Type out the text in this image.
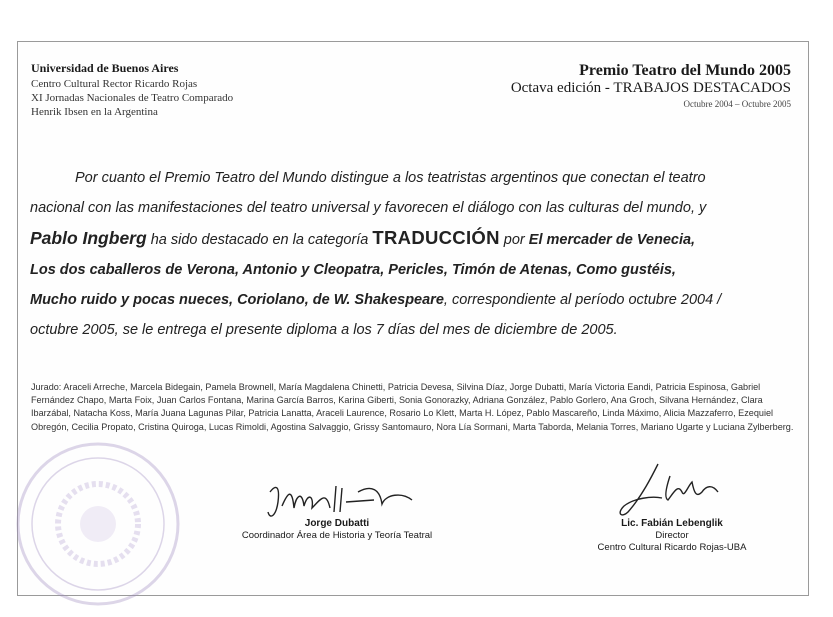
Universidad de Buenos Aires
Centro Cultural Rector Ricardo Rojas
XI Jornadas Nacionales de Teatro Comparado
Henrik Ibsen en la Argentina
Premio Teatro del Mundo 2005
Octava edición - TRABAJOS DESTACADOS
Octubre 2004 – Octubre 2005
Por cuanto el Premio Teatro del Mundo distingue a los teatristas argentinos que conectan el teatro
nacional con las manifestaciones del teatro universal y favorecen el diálogo con las culturas del mundo, y
Pablo Ingberg ha sido destacado en la categoría TRADUCCIÓN por El mercader de Venecia,
Los dos caballeros de Verona, Antonio y Cleopatra, Pericles, Timón de Atenas, Como gustéis,
Mucho ruido y pocas nueces, Coriolano, de W. Shakespeare, correspondiente al período octubre 2004 /
octubre 2005, se le entrega el presente diploma a los 7 días del mes de diciembre de 2005.
Jurado: Araceli Arreche, Marcela Bidegain, Pamela Brownell, María Magdalena Chinetti, Patricia Devesa, Silvina Díaz, Jorge Dubatti, María Victoria Eandi, Patricia Espinosa, Gabriel Fernández Chapo, Marta Foix, Juan Carlos Fontana, Marina García Barros, Karina Giberti, Sonia Gonorazky, Adriana González, Pablo Gorlero, Ana Groch, Silvana Hernández, Clara Ibarzábal, Natacha Koss, María Juana Lagunas Pilar, Patricia Lanatta, Araceli Laurence, Rosario Lo Klett, Marta H. López, Pablo Mascareño, Linda Máximo, Alicia Mazzaferro, Ezequiel Obregón, Cecilia Propato, Cristina Quiroga, Lucas Rimoldi, Agostina Salvaggio, Grissy Santomauro, Nora Lía Sormani, Marta Taborda, Melania Torres, Mariano Ugarte y Luciana Zylberberg.
Jorge Dubatti
Coordinador Área de Historia y Teoría Teatral
Lic. Fabián Lebenglik
Director
Centro Cultural Ricardo Rojas-UBA
